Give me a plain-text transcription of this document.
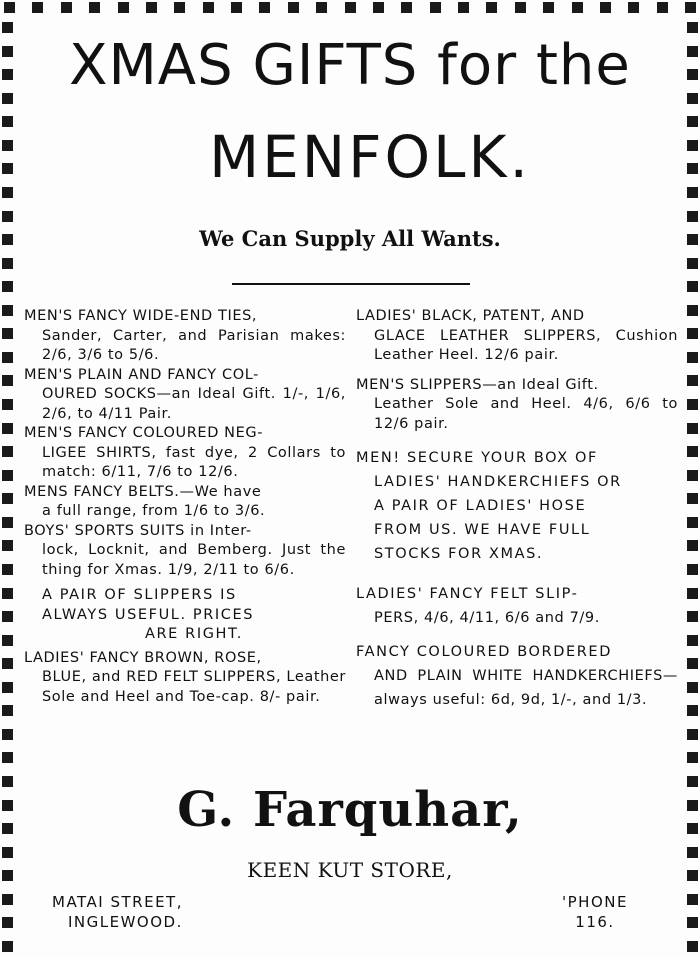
XMAS GIFTS for the
MENFOLK.
We Can Supply All Wants.

MEN'S FANCY WIDE-END TIES,
Sander, Carter, and Parisian makes: 2/6, 3/6 to 5/6.

MEN'S PLAIN AND FANCY COL-
OURED SOCKS—an Ideal Gift. 1/-, 1/6, 2/6, to 4/11 Pair.

MEN'S FANCY COLOURED NEG-
LIGEE SHIRTS, fast dye, 2 Collars to match: 6/11, 7/6 to 12/6.

MENS FANCY BELTS.—We have
a full range, from 1/6 to 3/6.

BOYS' SPORTS SUITS in Inter-
lock, Locknit, and Bemberg. Just the thing for Xmas. 1/9, 2/11 to 6/6.

A PAIR OF SLIPPERS IS
ALWAYS USEFUL. PRICES
ARE RIGHT.

LADIES' FANCY BROWN, ROSE,
BLUE, and RED FELT SLIPPERS, Leather Sole and Heel and Toe-cap. 8/- pair.

LADIES' BLACK, PATENT, AND
GLACE LEATHER SLIPPERS, Cushion Leather Heel. 12/6 pair.

MEN'S SLIPPERS—an Ideal Gift.
Leather Sole and Heel. 4/6, 6/6 to 12/6 pair.

MEN! SECURE YOUR BOX OF
LADIES' HANDKERCHIEFS OR
A PAIR OF LADIES' HOSE
FROM US. WE HAVE FULL
STOCKS FOR XMAS.

LADIES' FANCY FELT SLIP-
PERS, 4/6, 4/11, 6/6 and 7/9.

FANCY COLOURED BORDERED
AND PLAIN WHITE HANDKERCHIEFS—always useful: 6d, 9d, 1/-, and 1/3.

G. Farquhar,
KEEN KUT STORE,
MATAI STREET,
INGLEWOOD.
'PHONE
116.
